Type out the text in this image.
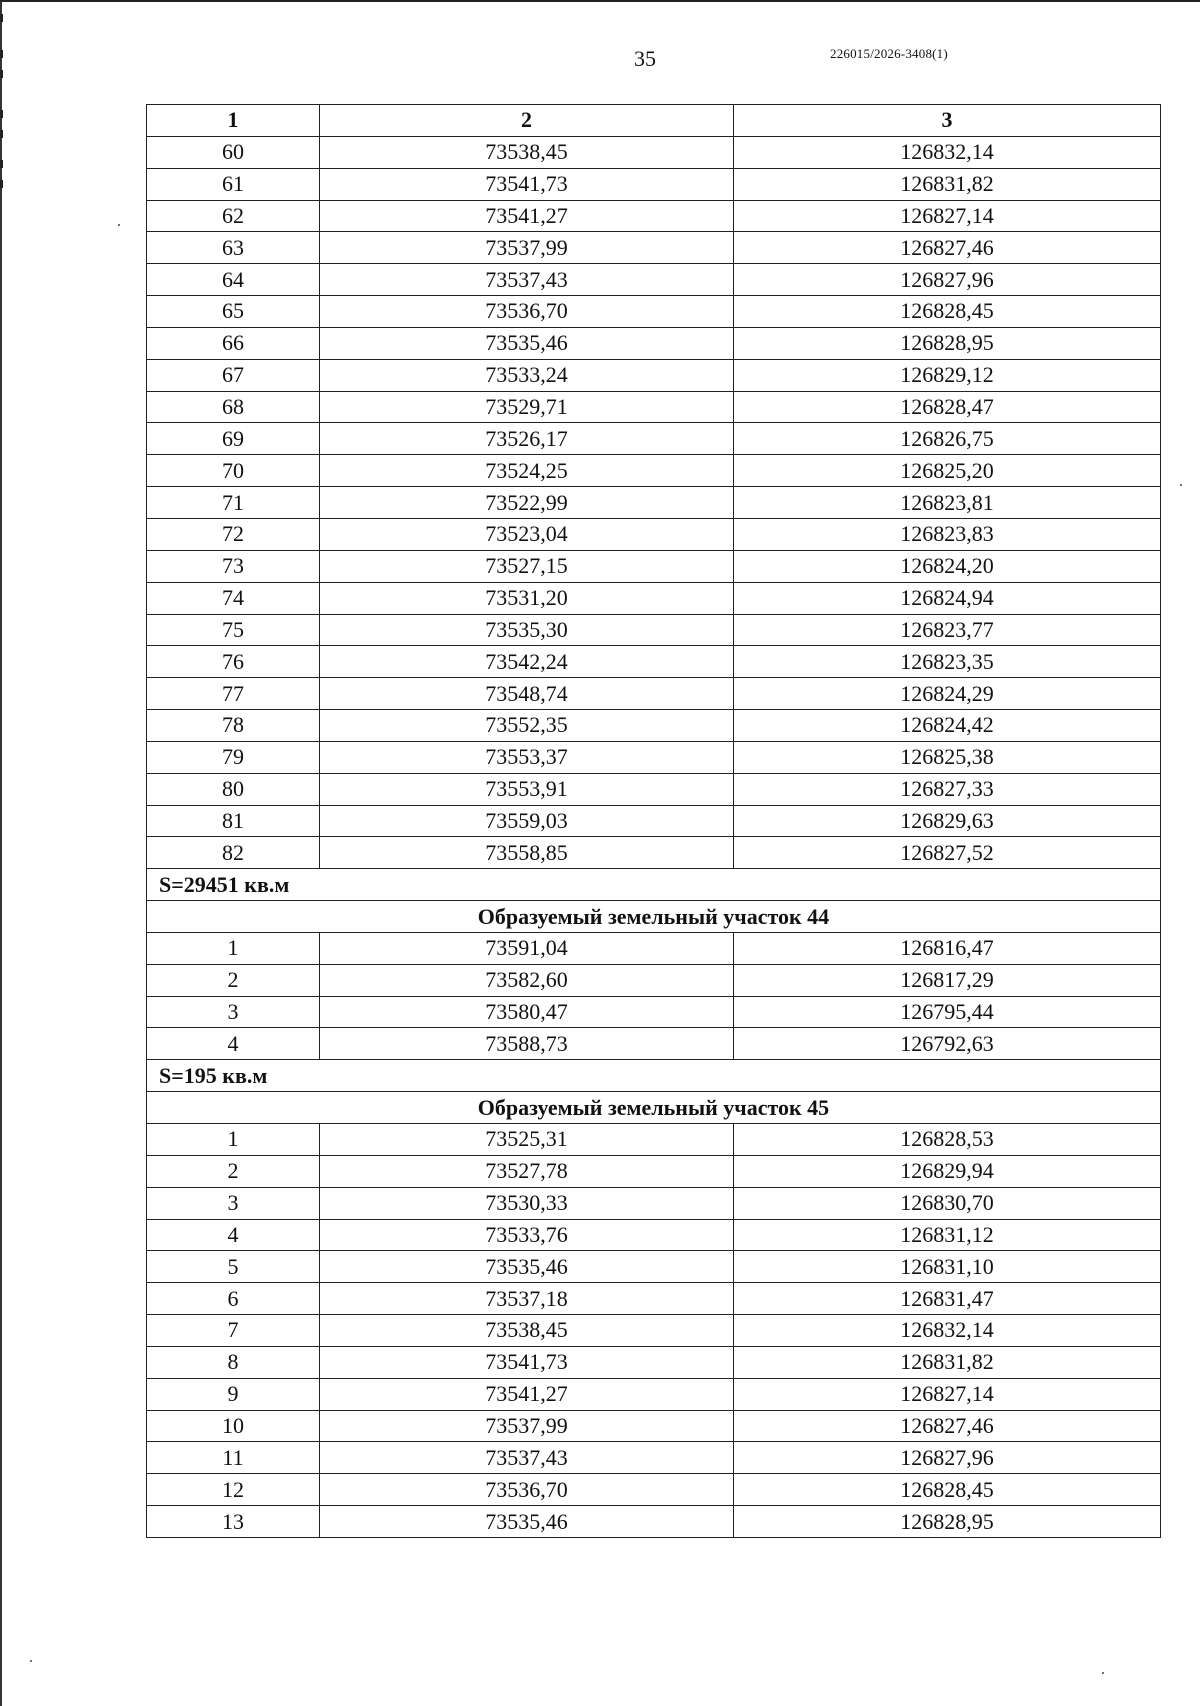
35	226015/2026-3408(1)
1	2	3
60	73538,45	126832,14
61	73541,73	126831,82
62	73541,27	126827,14
63	73537,99	126827,46
64	73537,43	126827,96
65	73536,70	126828,45
66	73535,46	126828,95
67	73533,24	126829,12
68	73529,71	126828,47
69	73526,17	126826,75
70	73524,25	126825,20
71	73522,99	126823,81
72	73523,04	126823,83
73	73527,15	126824,20
74	73531,20	126824,94
75	73535,30	126823,77
76	73542,24	126823,35
77	73548,74	126824,29
78	73552,35	126824,42
79	73553,37	126825,38
80	73553,91	126827,33
81	73559,03	126829,63
82	73558,85	126827,52
S=29451 кв.м		
Образуемый земельный участок 44		
1	73591,04	126816,47
2	73582,60	126817,29
3	73580,47	126795,44
4	73588,73	126792,63
S=195 кв.м		
Образуемый земельный участок 45		
1	73525,31	126828,53
2	73527,78	126829,94
3	73530,33	126830,70
4	73533,76	126831,12
5	73535,46	126831,10
6	73537,18	126831,47
7	73538,45	126832,14
8	73541,73	126831,82
9	73541,27	126827,14
10	73537,99	126827,46
11	73537,43	126827,96
12	73536,70	126828,45
13	73535,46	126828,95
